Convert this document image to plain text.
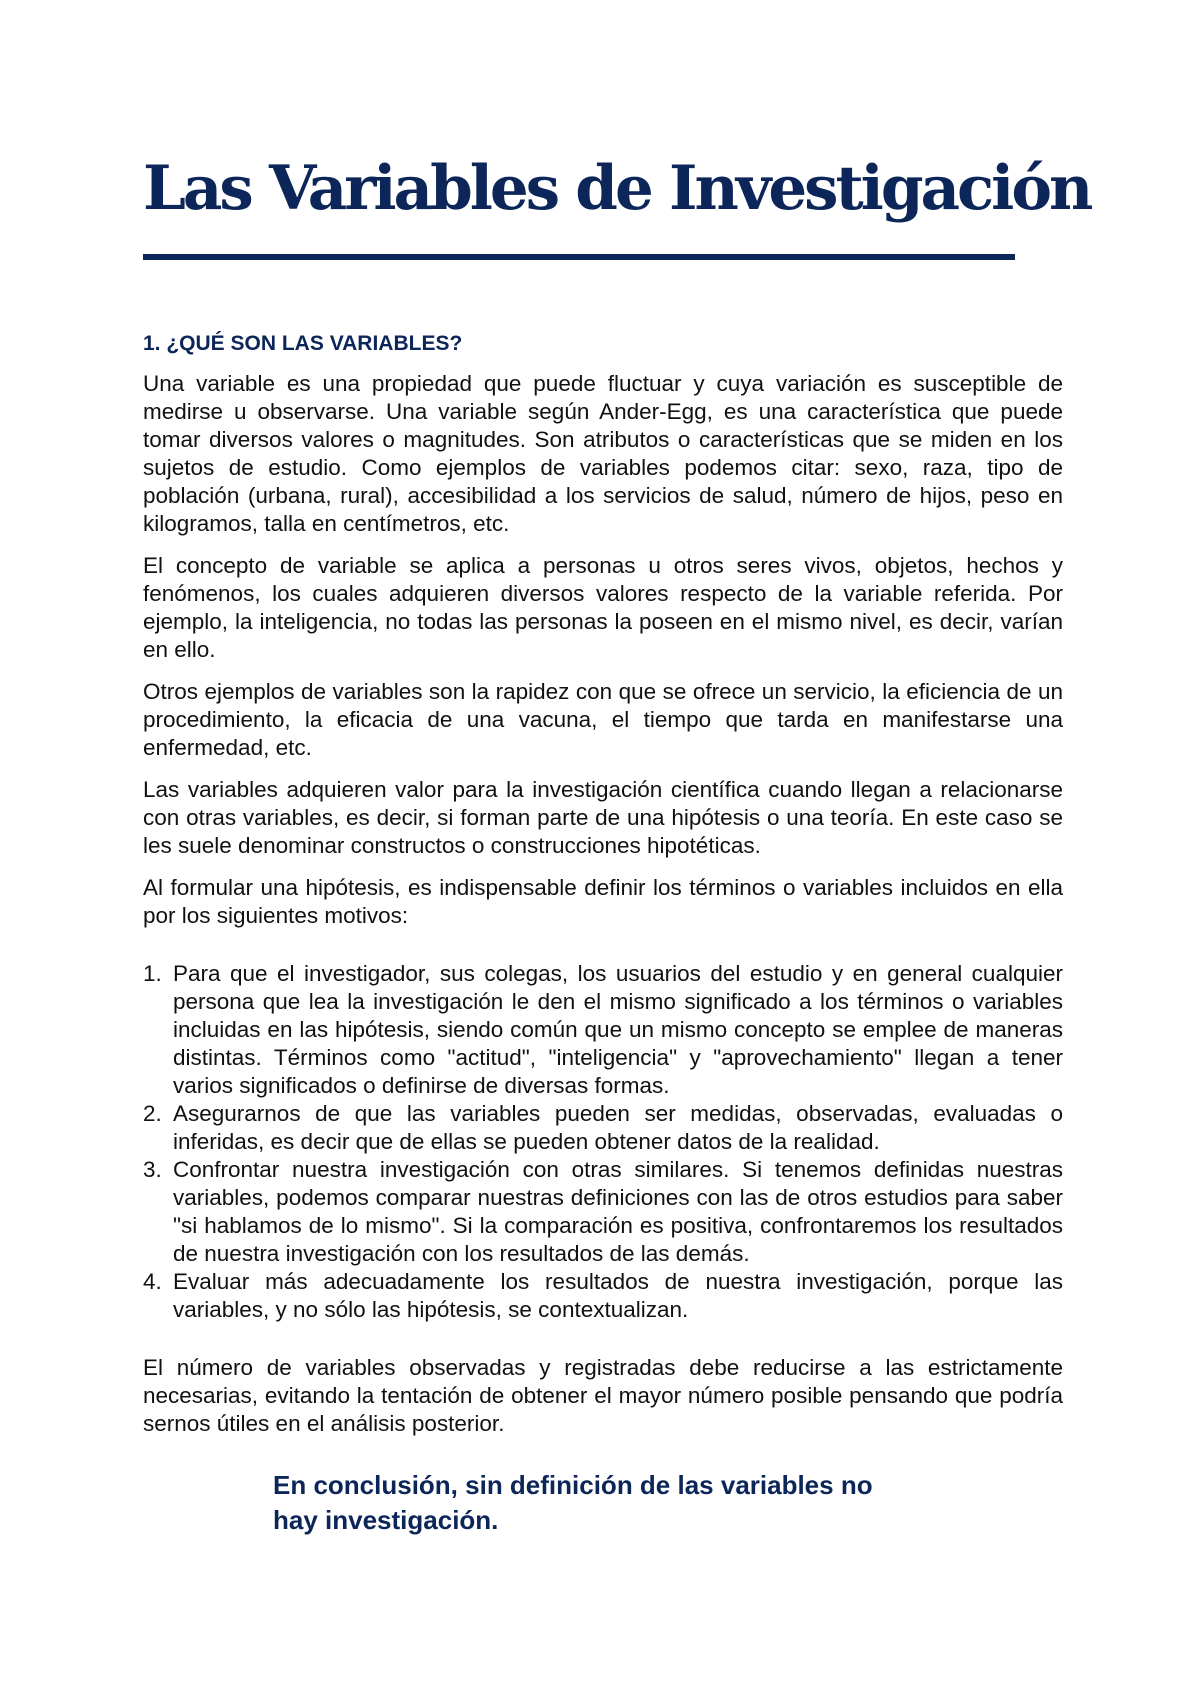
Las Variables de Investigación
1. ¿QUÉ SON LAS VARIABLES?

Una variable es una propiedad que puede fluctuar y cuya variación es susceptible de medirse u observarse. Una variable según Ander-Egg, es una característica que puede tomar diversos valores o magnitudes. Son atributos o características que se miden en los sujetos de estudio. Como ejemplos de variables podemos citar: sexo, raza, tipo de población (urbana, rural), accesibilidad a los servicios de salud, número de hijos, peso en kilogramos, talla en centímetros, etc.

El concepto de variable se aplica a personas u otros seres vivos, objetos, hechos y fenómenos, los cuales adquieren diversos valores respecto de la variable referida. Por ejemplo, la inteligencia, no todas las personas la poseen en el mismo nivel, es decir, varían en ello.

Otros ejemplos de variables son la rapidez con que se ofrece un servicio, la eficiencia de un procedimiento, la eficacia de una vacuna, el tiempo que tarda en manifestarse una enfermedad, etc.

Las variables adquieren valor para la investigación científica cuando llegan a relacionarse con otras variables, es decir, si forman parte de una hipótesis o una teoría. En este caso se les suele denominar constructos o construcciones hipotéticas.

Al formular una hipótesis, es indispensable definir los términos o variables incluidos en ella por los siguientes motivos:

1. Para que el investigador, sus colegas, los usuarios del estudio y en general cualquier persona que lea la investigación le den el mismo significado a los términos o variables incluidas en las hipótesis, siendo común que un mismo concepto se emplee de maneras distintas. Términos como "actitud", "inteligencia" y "aprovechamiento" llegan a tener varios significados o definirse de diversas formas.
2. Asegurarnos de que las variables pueden ser medidas, observadas, evaluadas o inferidas, es decir que de ellas se pueden obtener datos de la realidad.
3. Confrontar nuestra investigación con otras similares. Si tenemos definidas nuestras variables, podemos comparar nuestras definiciones con las de otros estudios para saber "si hablamos de lo mismo". Si la comparación es positiva, confrontaremos los resultados de nuestra investigación con los resultados de las demás.
4. Evaluar más adecuadamente los resultados de nuestra investigación, porque las variables, y no sólo las hipótesis, se contextualizan.

El número de variables observadas y registradas debe reducirse a las estrictamente necesarias, evitando la tentación de obtener el mayor número posible pensando que podría sernos útiles en el análisis posterior.

En conclusión, sin definición de las variables no
hay investigación.
